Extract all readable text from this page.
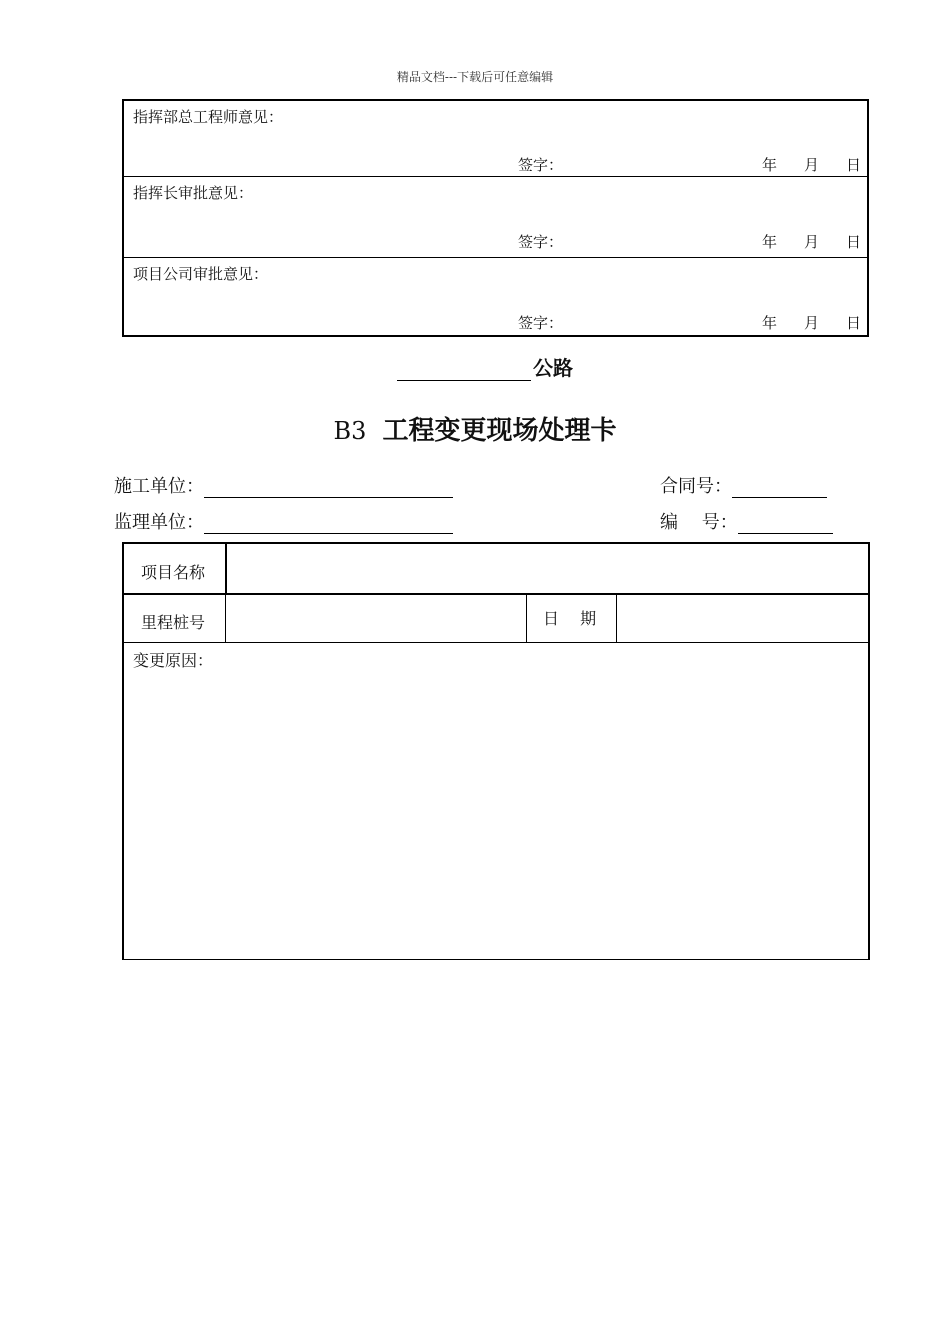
精品文档---下载后可任意编辑
指挥部总工程师意见：
签字：	年 月 日
指挥长审批意见：
签字：	年 月 日
项目公司审批意见：
签字：	年 月 日
公路
B3 工程变更现场处理卡
施工单位：	合同号：
监理单位：	编　 号：
项目名称
里程桩号	日　 期
变更原因：
